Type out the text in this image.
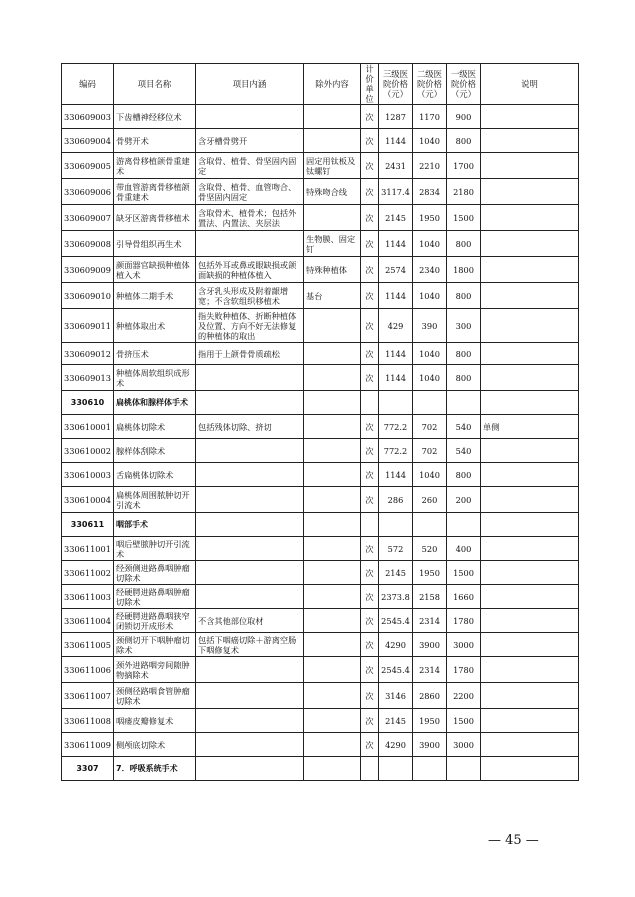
编码	项目名称	项目内涵	除外内容	计价单位	三级医院价格（元）	二级医院价格（元）	一级医院价格（元）	说明
330609003	下齿槽神经移位术			次	1287	1170	900	
330609004	骨劈开术	含牙槽骨劈开		次	1144	1040	800	
330609005	游离骨移植颌骨重建术	含取骨、植骨、骨坚固内固定	固定用钛板及钛螺钉	次	2431	2210	1700	
330609006	带血管游离骨移植颌骨重建术	含取骨、植骨、血管吻合、骨坚固内固定	特殊吻合线	次	3117.4	2834	2180	
330609007	缺牙区游离骨移植术	含取骨术、植骨术；包括外置法、内置法、夹层法		次	2145	1950	1500	
330609008	引导骨组织再生术		生物膜、固定钉	次	1144	1040	800	
330609009	颜面器官缺损种植体植入术	包括外耳或鼻或眼缺损或颌面缺损的种植体植入	特殊种植体	次	2574	2340	1800	
330609010	种植体二期手术	含牙乳头形成及附着龈增宽；不含软组织移植术	基台	次	1144	1040	800	
330609011	种植体取出术	指失败种植体、折断种植体及位置、方向不好无法修复的种植体的取出		次	429	390	300	
330609012	骨挤压术	指用于上颌骨骨质疏松		次	1144	1040	800	
330609013	种植体周软组织成形术			次	1144	1040	800	
330610	扁桃体和腺样体手术							
330610001	扁桃体切除术	包括残体切除、挤切		次	772.2	702	540	单侧
330610002	腺样体刮除术			次	772.2	702	540	
330610003	舌扁桃体切除术			次	1144	1040	800	
330610004	扁桃体周围脓肿切开引流术			次	286	260	200	
330611	咽部手术							
330611001	咽后壁脓肿切开引流术			次	572	520	400	
330611002	经颈侧进路鼻咽肿瘤切除术			次	2145	1950	1500	
330611003	经硬腭进路鼻咽肿瘤切除术			次	2373.8	2158	1660	
330611004	经硬腭进路鼻咽狭窄闭锁切开成形术	不含其他部位取材		次	2545.4	2314	1780	
330611005	颈侧切开下咽肿瘤切除术	包括下咽癌切除＋游离空肠下咽修复术		次	4290	3900	3000	
330611006	颈外进路咽旁间隙肿物摘除术			次	2545.4	2314	1780	
330611007	颈侧径路咽食管肿瘤切除术			次	3146	2860	2200	
330611008	咽瘘皮瓣修复术			次	2145	1950	1500	
330611009	侧颅底切除术			次	4290	3900	3000	
3307	7．呼吸系统手术							
— 45 —
